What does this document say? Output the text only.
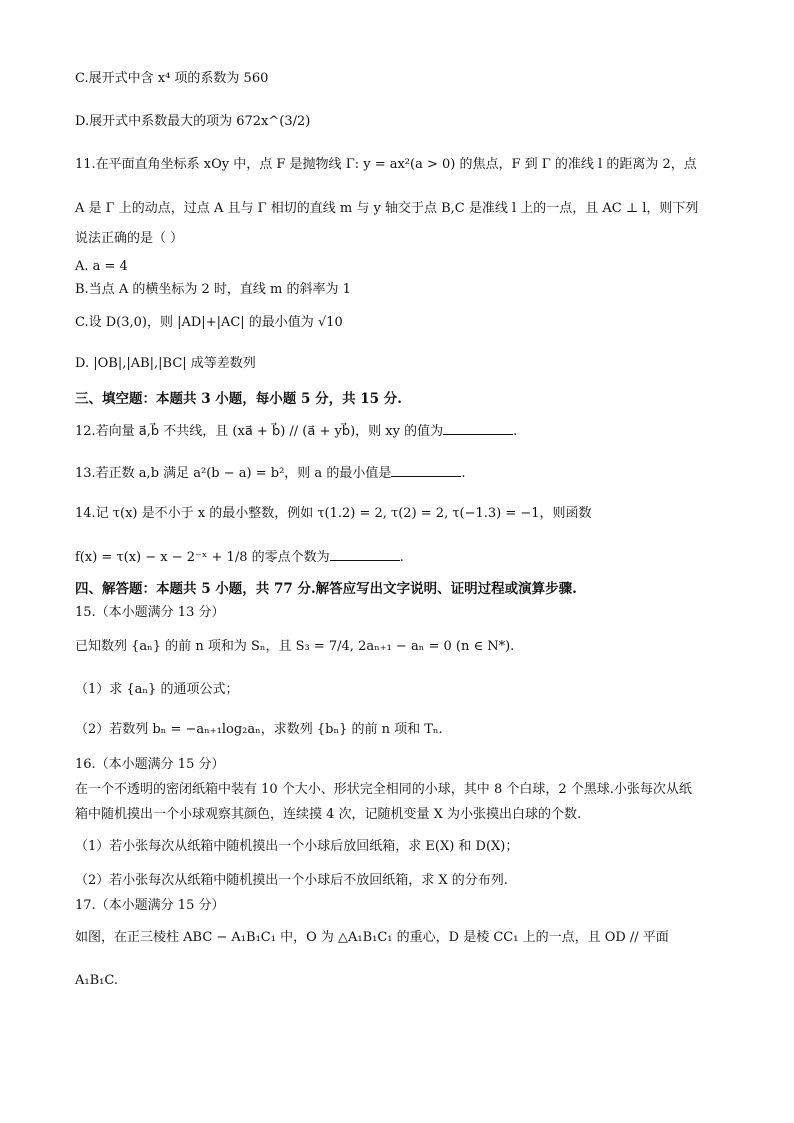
C.展开式中含 x⁴ 项的系数为 560
D.展开式中系数最大的项为 672x^(3/2)
11.在平面直角坐标系 xOy 中，点 F 是抛物线 Γ: y = ax²(a > 0) 的焦点，F 到 Γ 的准线 l 的距离为 2，点
A 是 Γ 上的动点，过点 A 且与 Γ 相切的直线 m 与 y 轴交于点 B,C 是准线 l 上的一点，且 AC ⊥ l，则下列
说法正确的是（ ）
A. a = 4
B.当点 A 的横坐标为 2 时，直线 m 的斜率为 1
C.设 D(3,0)，则 |AD|+|AC| 的最小值为 √10
D. |OB|,|AB|,|BC| 成等差数列
三、填空题：本题共 3 小题，每小题 5 分，共 15 分.
12.若向量 a⃗,b⃗ 不共线，且 (xa⃗ + b⃗) // (a⃗ + yb⃗)，则 xy 的值为	.
13.若正数 a,b 满足 a²(b − a) = b²，则 a 的最小值是	.
14.记 τ(x) 是不小于 x 的最小整数，例如 τ(1.2) = 2, τ(2) = 2, τ(−1.3) = −1，则函数
f(x) = τ(x) − x − 2⁻ˣ + 1/8 的零点个数为	.
四、解答题：本题共 5 小题，共 77 分.解答应写出文字说明、证明过程或演算步骤.
15.（本小题满分 13 分）
已知数列 {aₙ} 的前 n 项和为 Sₙ，且 S₃ = 7/4, 2aₙ₊₁ − aₙ = 0 (n ∈ N*).
（1）求 {aₙ} 的通项公式；
（2）若数列 bₙ = −aₙ₊₁log₂aₙ，求数列 {bₙ} 的前 n 项和 Tₙ.
16.（本小题满分 15 分）
在一个不透明的密闭纸箱中装有 10 个大小、形状完全相同的小球，其中 8 个白球，2 个黑球.小张每次从纸
箱中随机摸出一个小球观察其颜色，连续摸 4 次，记随机变量 X 为小张摸出白球的个数.
（1）若小张每次从纸箱中随机摸出一个小球后放回纸箱，求 E(X) 和 D(X)；
（2）若小张每次从纸箱中随机摸出一个小球后不放回纸箱，求 X 的分布列.
17.（本小题满分 15 分）
如图，在正三棱柱 ABC − A₁B₁C₁ 中，O 为 △A₁B₁C₁ 的重心，D 是棱 CC₁ 上的一点，且 OD // 平面
A₁B₁C.
